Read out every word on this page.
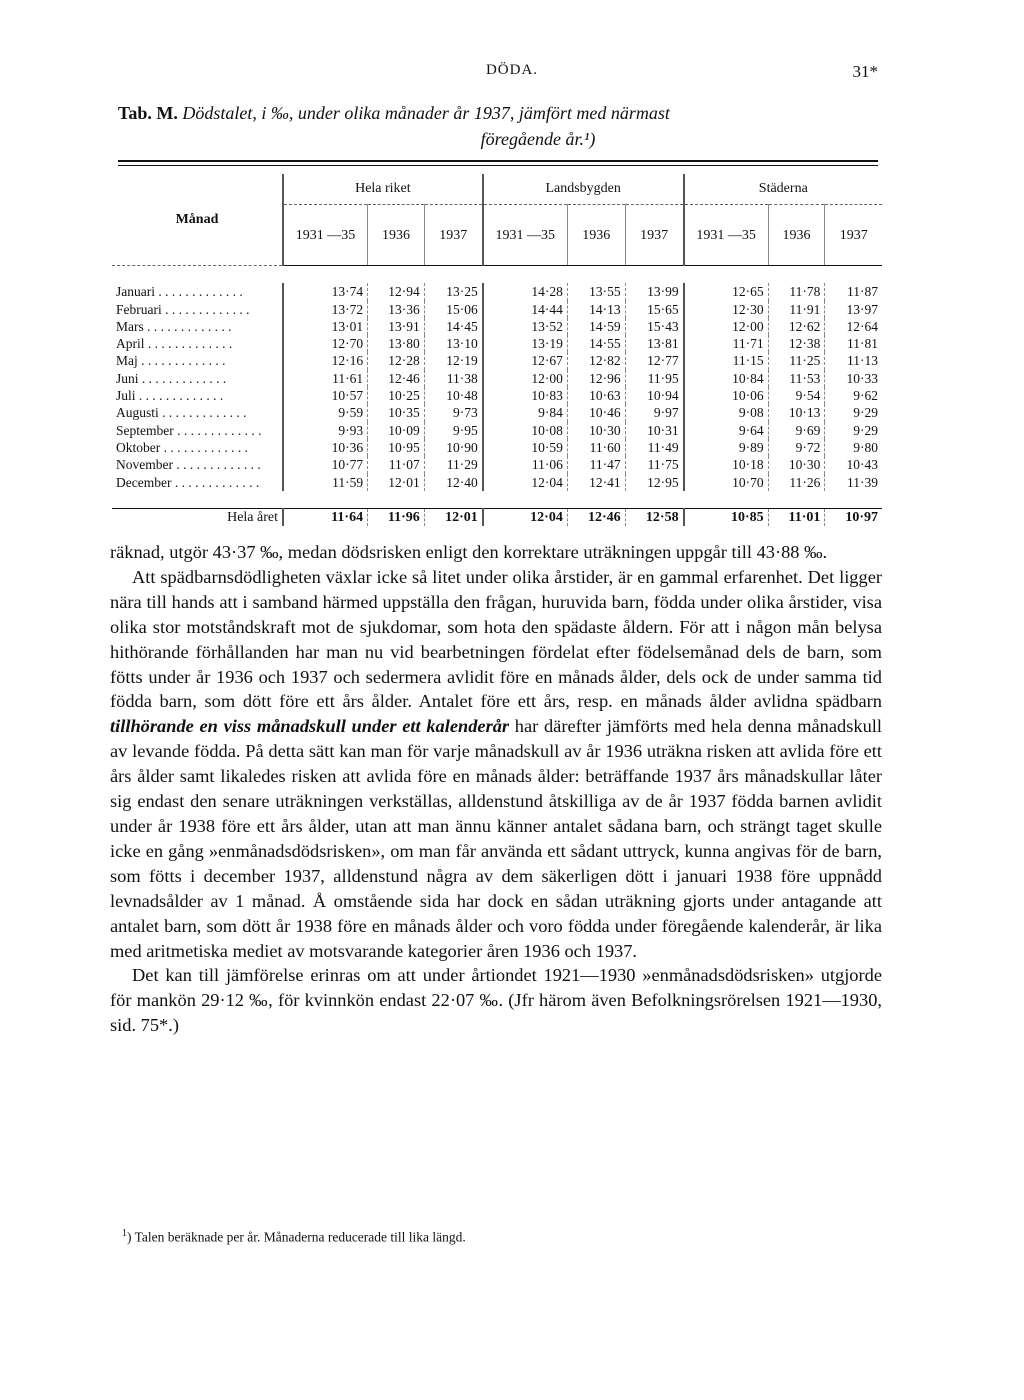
DÖDA.	31*
Tab. M. Dödstalet, i ‰, under olika månader år 1937, jämfört med närmast
föregående år.¹)
Månad	Hela riket			Landsbygden			Städerna		
	1931 —35	1936	1937	1931 —35	1936	1937	1931 —35	1936	1937

Januari . . .	13·74	12·94	13·25	14·28	13·55	13·99	12·65	11·78	11·87
Februari . . .	13·72	13·36	15·06	14·44	14·13	15·65	12·30	11·91	13·97
Mars . . .	13·01	13·91	14·45	13·52	14·59	15·43	12·00	12·62	12·64
April . . .	12·70	13·80	13·10	13·19	14·55	13·81	11·71	12·38	11·81
Maj . . .	12·16	12·28	12·19	12·67	12·82	12·77	11·15	11·25	11·13
Juni . . .	11·61	12·46	11·38	12·00	12·96	11·95	10·84	11·53	10·33
Juli . . .	10·57	10·25	10·48	10·83	10·63	10·94	10·06	9·54	9·62
Augusti . . .	9·59	10·35	9·73	9·84	10·46	9·97	9·08	10·13	9·29
September . . .	9·93	10·09	9·95	10·08	10·30	10·31	9·64	9·69	9·29
Oktober . . .	10·36	10·95	10·90	10·59	11·60	11·49	9·89	9·72	9·80
November . . .	10·77	11·07	11·29	11·06	11·47	11·75	10·18	10·30	10·43
December . . .	11·59	12·01	12·40	12·04	12·41	12·95	10·70	11·26	11·39

Hela året	11·64	11·96	12·01	12·04	12·46	12·58	10·85	11·01	10·97

räknad, utgör 43·37 ‰, medan dödsrisken enligt den korrektare uträkningen uppgår till 43·88 ‰.

Att spädbarnsdödligheten växlar icke så litet under olika årstider, är en gammal erfarenhet. Det ligger nära till hands att i samband härmed uppställa den frågan, huruvida barn, födda under olika årstider, visa olika stor motståndskraft mot de sjukdomar, som hota den spädaste åldern. För att i någon mån belysa hithörande förhållanden har man nu vid bearbetningen fördelat efter födelsemånad dels de barn, som fötts under år 1936 och 1937 och sedermera avlidit före en månads ålder, dels ock de under samma tid födda barn, som dött före ett års ålder. Antalet före ett års, resp. en månads ålder avlidna spädbarn tillhörande en viss månadskull under ett kalenderår har därefter jämförts med hela denna månadskull av levande födda. På detta sätt kan man för varje månadskull av år 1936 uträkna risken att avlida före ett års ålder samt likaledes risken att avlida före en månads ålder: beträffande 1937 års månadskullar låter sig endast den senare uträkningen verkställas, alldenstund åtskilliga av de år 1937 födda barnen avlidit under år 1938 före ett års ålder, utan att man ännu känner antalet sådana barn, och strängt taget skulle icke en gång »enmånadsdödsrisken», om man får använda ett sådant uttryck, kunna angivas för de barn, som fötts i december 1937, alldenstund några av dem säkerligen dött i januari 1938 före uppnådd levnadsålder av 1 månad. Å omstående sida har dock en sådan uträkning gjorts under antagande att antalet barn, som dött år 1938 före en månads ålder och voro födda under föregående kalenderår, är lika med aritmetiska mediet av motsvarande kategorier åren 1936 och 1937.

Det kan till jämförelse erinras om att under årtiondet 1921—1930 »enmånadsdödsrisken» utgjorde för mankön 29·12 ‰, för kvinnkön endast 22·07 ‰. (Jfr härom även Befolkningsrörelsen 1921—1930, sid. 75*.)

$^1$) Talen beräknade per år. Månaderna reducerade till lika längd.
